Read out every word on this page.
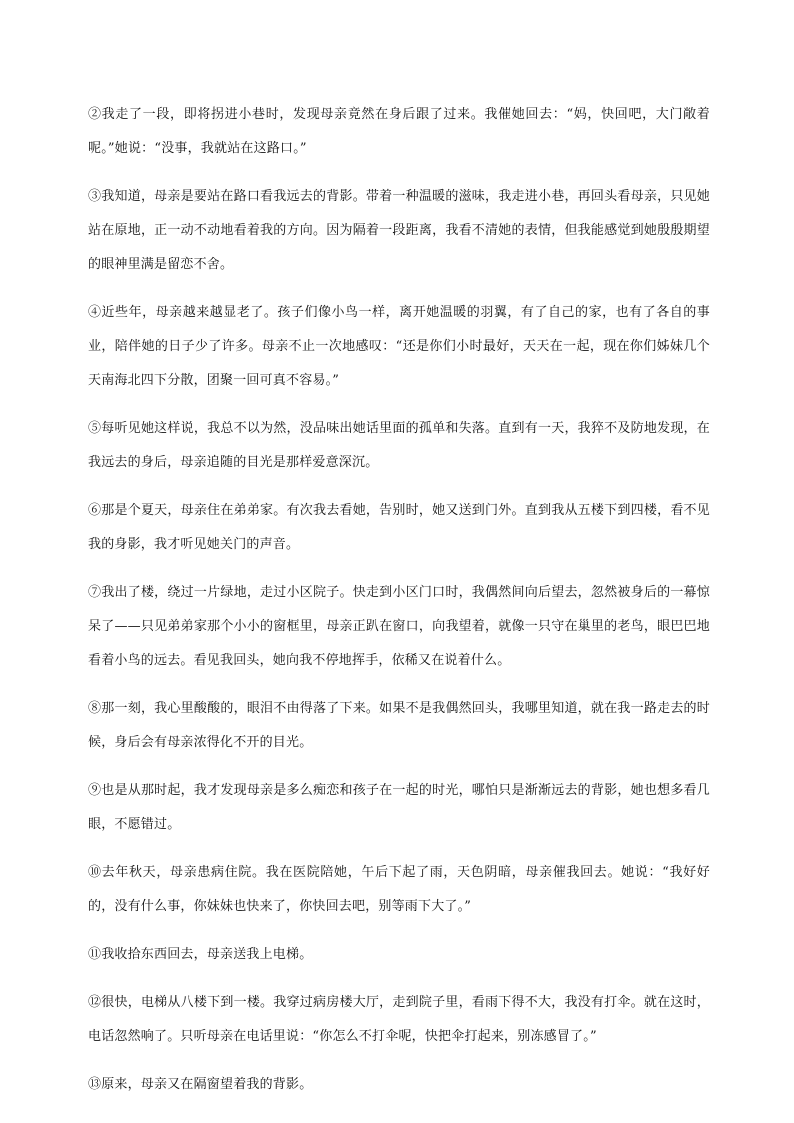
②我走了一段，即将拐进小巷时，发现母亲竟然在身后跟了过来。我催她回去：“妈，快回吧，大门敞着呢。”她说：“没事，我就站在这路口。”

③我知道，母亲是要站在路口看我远去的背影。带着一种温暖的滋味，我走进小巷，再回头看母亲，只见她站在原地，正一动不动地看着我的方向。因为隔着一段距离，我看不清她的表情，但我能感觉到她殷殷期望的眼神里满是留恋不舍。

④近些年，母亲越来越显老了。孩子们像小鸟一样，离开她温暖的羽翼，有了自己的家，也有了各自的事业，陪伴她的日子少了许多。母亲不止一次地感叹：“还是你们小时最好，天天在一起，现在你们姊妹几个天南海北四下分散，团聚一回可真不容易。”

⑤每听见她这样说，我总不以为然，没品味出她话里面的孤单和失落。直到有一天，我猝不及防地发现，在我远去的身后，母亲追随的目光是那样爱意深沉。

⑥那是个夏天，母亲住在弟弟家。有次我去看她，告别时，她又送到门外。直到我从五楼下到四楼，看不见我的身影，我才听见她关门的声音。

⑦我出了楼，绕过一片绿地，走过小区院子。快走到小区门口时，我偶然间向后望去，忽然被身后的一幕惊呆了——只见弟弟家那个小小的窗框里，母亲正趴在窗口，向我望着，就像一只守在巢里的老鸟，眼巴巴地看着小鸟的远去。看见我回头，她向我不停地挥手，依稀又在说着什么。

⑧那一刻，我心里酸酸的，眼泪不由得落了下来。如果不是我偶然回头，我哪里知道，就在我一路走去的时候，身后会有母亲浓得化不开的目光。

⑨也是从那时起，我才发现母亲是多么痴恋和孩子在一起的时光，哪怕只是渐渐远去的背影，她也想多看几眼，不愿错过。

⑩去年秋天，母亲患病住院。我在医院陪她，午后下起了雨，天色阴暗，母亲催我回去。她说：“我好好的，没有什么事，你妹妹也快来了，你快回去吧，别等雨下大了。”

⑪我收拾东西回去，母亲送我上电梯。

⑫很快，电梯从八楼下到一楼。我穿过病房楼大厅，走到院子里，看雨下得不大，我没有打伞。就在这时，电话忽然响了。只听母亲在电话里说：“你怎么不打伞呢，快把伞打起来，别冻感冒了。”

⑬原来，母亲又在隔窗望着我的背影。
